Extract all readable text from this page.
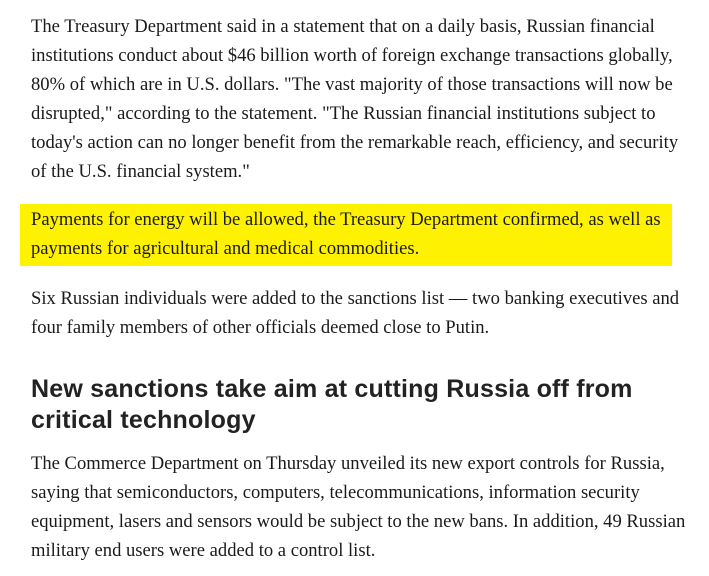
The Treasury Department said in a statement that on a daily basis, Russian financial institutions conduct about $46 billion worth of foreign exchange transactions globally, 80% of which are in U.S. dollars. "The vast majority of those transactions will now be disrupted," according to the statement. "The Russian financial institutions subject to today's action can no longer benefit from the remarkable reach, efficiency, and security of the U.S. financial system."

Payments for energy will be allowed, the Treasury Department confirmed, as well as payments for agricultural and medical commodities.

Six Russian individuals were added to the sanctions list — two banking executives and four family members of other officials deemed close to Putin.

New sanctions take aim at cutting Russia off from critical technology

The Commerce Department on Thursday unveiled its new export controls for Russia, saying that semiconductors, computers, telecommunications, information security equipment, lasers and sensors would be subject to the new bans. In addition, 49 Russian military end users were added to a control list.
